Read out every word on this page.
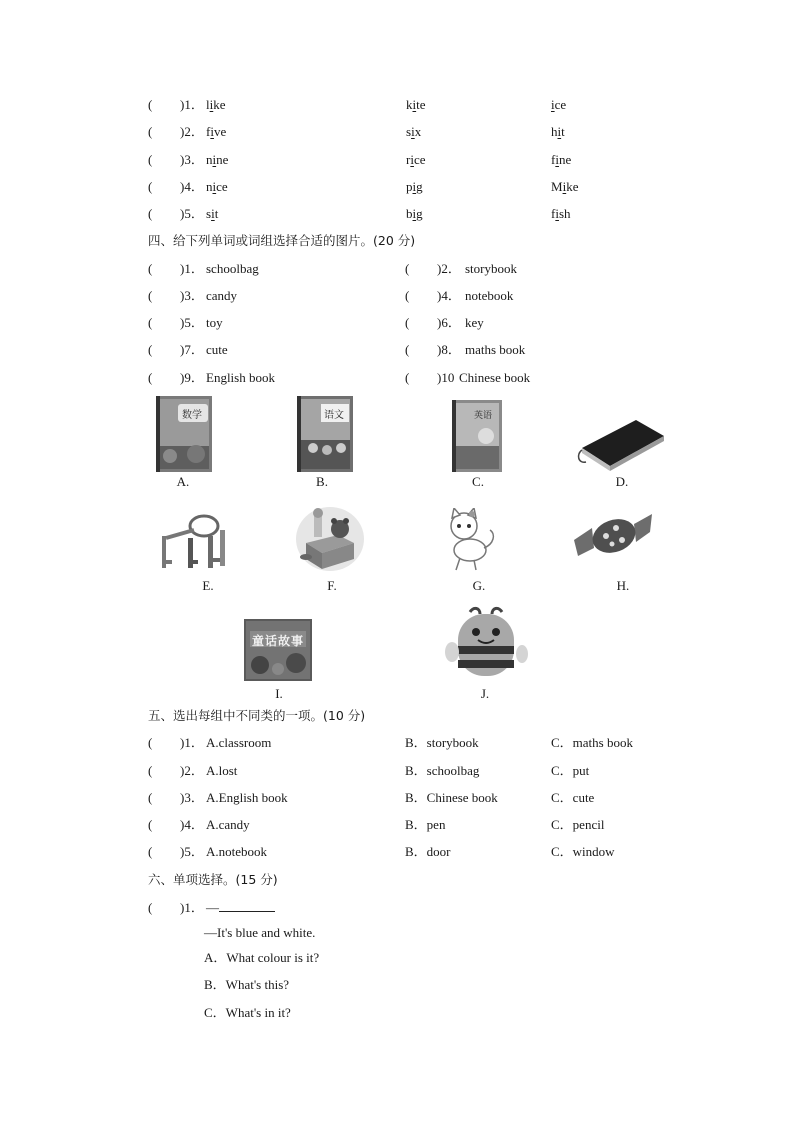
( )1． like	kite	ice
( )2． five	six	hit
( )3． nine	rice	fine
( )4． nice	pig	Mike
( )5． sit	big	fish
四、给下列单词或词组选择合适的图片。(20 分)
( )1． schoolbag	( )2． storybook
( )3． candy	( )4． notebook
( )5． toy	( )6． key
( )7． cute	( )8． maths book
( )9． English book	( )10 Chinese book
数学
A.
语文
B.
英语
C.	D.
E.	F.	G.	H.
童话故事
I.	J.
五、选出每组中不同类的一项。(10 分)
( )1． A.classroom	B．storybook	C．maths book
( )2． A.lost	B．schoolbag	C．put
( )3． A.English book	B．Chinese book	C．cute
( )4． A.candy	B．pen	C．pencil
( )5． A.notebook	B．door	C．window
六、单项选择。(15 分)
( )1． —
—It's blue and white.
A．What colour is it?
B．What's this?
C．What's in it?
